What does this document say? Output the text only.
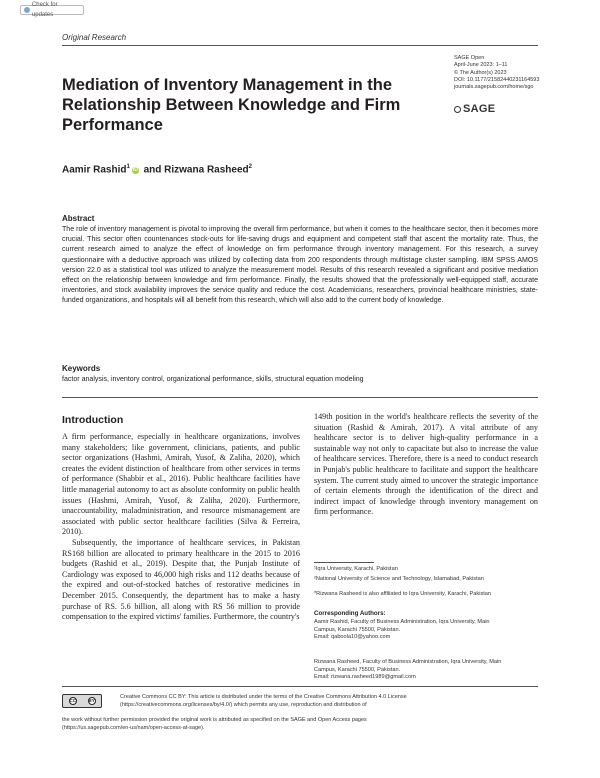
Check for updates
Original Research
SAGE Open
April-June 2023: 1–11
© The Author(s) 2023
DOI: 10.1177/21582440231164593
journals.sagepub.com/home/sgo
SAGE
Mediation of Inventory Management in the Relationship Between Knowledge and Firm Performance
Aamir Rashid$^1$iD and Rizwana Rasheed$^2$
Abstract
The role of inventory management is pivotal to improving the overall firm performance, but when it comes to the healthcare sector, then it becomes more crucial. This sector often countenances stock-outs for life-saving drugs and equipment and competent staff that ascent the mortality rate. Thus, the current research aimed to analyze the effect of knowledge on firm performance through inventory management. For this research, a survey questionnaire with a deductive approach was utilized by collecting data from 200 respondents through multistage cluster sampling. IBM SPSS AMOS version 22.0 as a statistical tool was utilized to analyze the measurement model. Results of this research revealed a significant and positive mediation effect on the relationship between knowledge and firm performance. Finally, the results showed that the professionally well-equipped staff, accurate inventories, and stock availability improves the service quality and reduce the cost. Academicians, researchers, provincial healthcare ministries, state-funded organizations, and hospitals will all benefit from this research, which will also add to the current body of knowledge.
Keywords
factor analysis, inventory control, organizational performance, skills, structural equation modeling
Introduction

A firm performance, especially in healthcare organizations, involves many stakeholders; like government, clinicians, patients, and public sector organizations (Hashmi, Amirah, Yusof, & Zaliha, 2020), which creates the evident distinction of healthcare from other services in terms of performance (Shabbir et al., 2016). Public healthcare facilities have little managerial autonomy to act as absolute conformity on public health issues (Hashmi, Amirah, Yusof, & Zaliha, 2020). Furthermore, unaccountability, maladministration, and resource mismanagement are associated with public sector healthcare facilities (Silva & Ferreira, 2010).

Subsequently, the importance of healthcare services, in Pakistan RS168 billion are allocated to primary healthcare in the 2015 to 2016 budgets (Rashid et al., 2019). Despite that, the Punjab Institute of Cardiology was exposed to 46,000 high risks and 112 deaths because of the expired and out-of-stocked batches of restorative medicines in December 2015. Consequently, the department has to make a hasty purchase of RS. 5.6 billion, all along with RS 56 million to provide compensation to the expired victims' families. Furthermore, the country's

149th position in the world's healthcare reflects the severity of the situation (Rashid & Amirah, 2017). A vital attribute of any healthcare sector is to deliver high-quality performance in a sustainable way not only to capacitate but also to increase the value of healthcare services. Therefore, there is a need to conduct research in Punjab's public healthcare to facilitate and support the healthcare system. The current study aimed to uncover the strategic importance of certain elements through the identification of the direct and indirect impact of knowledge through inventory management on firm performance.

¹Iqra University, Karachi, Pakistan
²National University of Science and Technology, Islamabad, Pakistan
*Rizwana Rasheed is also affiliated to Iqra University, Karachi, Pakistan
Corresponding Authors:
Aamir Rashid, Faculty of Business Administration, Iqra University, Main
Campus, Karachi 75500, Pakistan.
Email: qaboola10@yahoo.com
Rizwana Rasheed, Faculty of Business Administration, Iqra University, Main
Campus, Karachi 75500, Pakistan.
Email: rizwana.rasheed1989@gmail.com
CC	BY
Creative Commons CC BY: This article is distributed under the terms of the Creative Commons Attribution 4.0 License
(https://creativecommons.org/licenses/by/4.0/) which permits any use, reproduction and distribution of
the work without further permission provided the original work is attributed as specified on the SAGE and Open Access pages
(https://us.sagepub.com/en-us/nam/open-access-at-sage).
